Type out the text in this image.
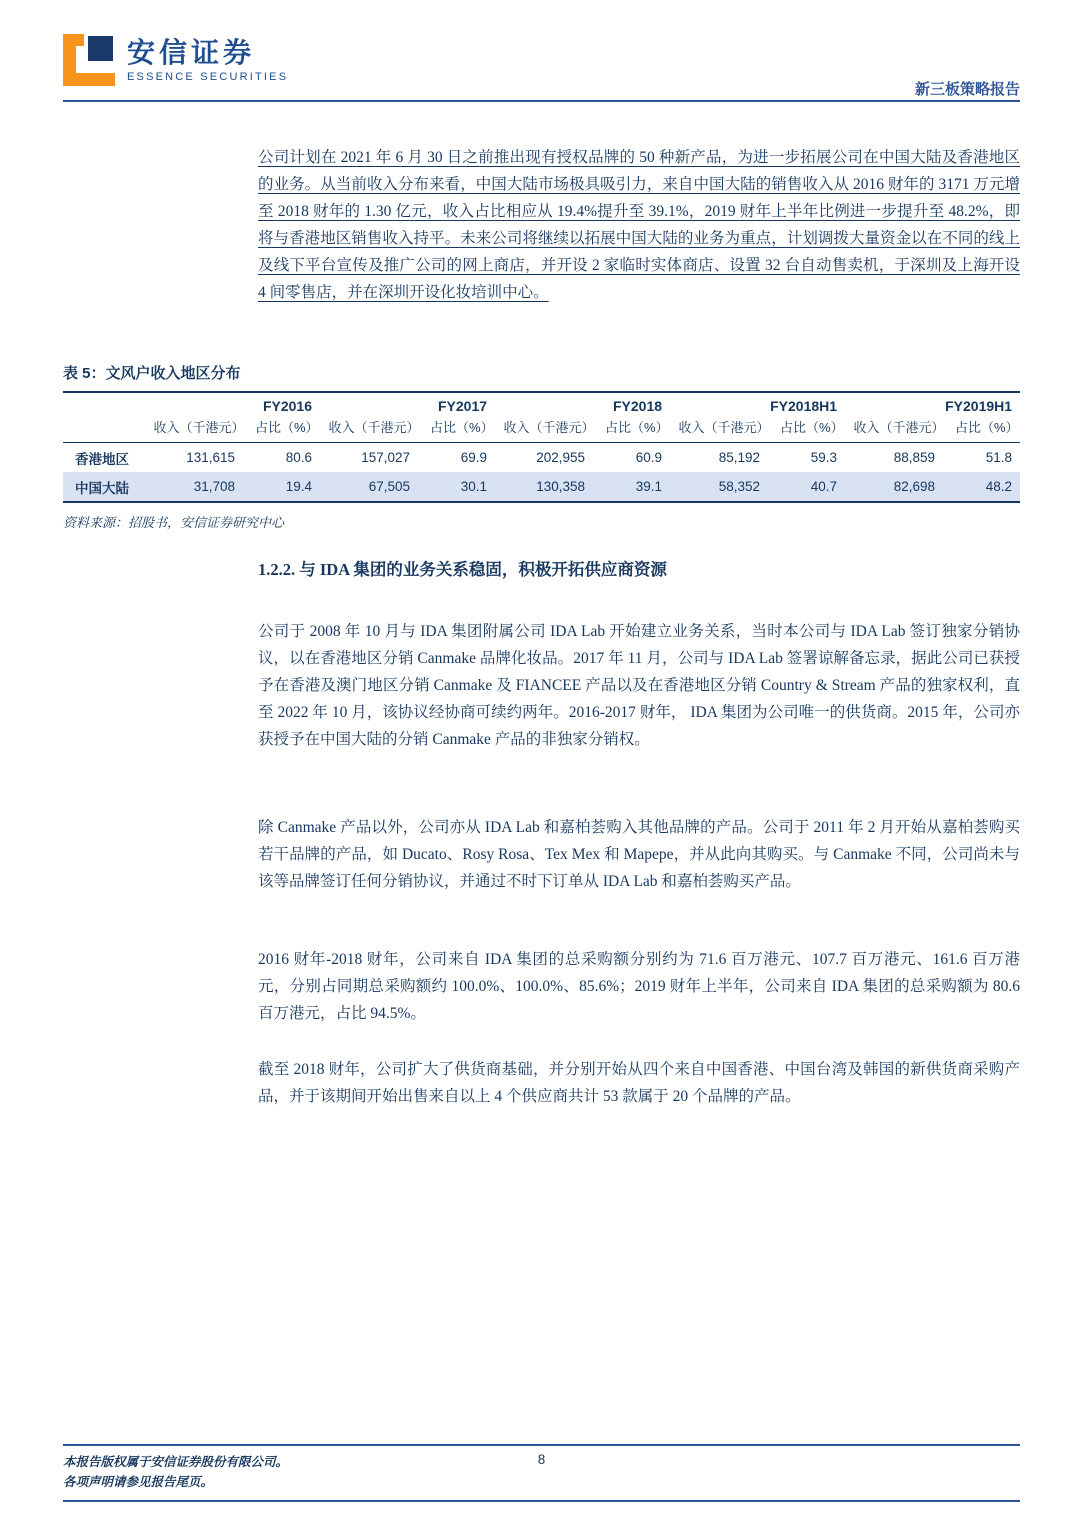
安信证券
ESSENCE SECURITIES
新三板策略报告

公司计划在 2021 年 6 月 30 日之前推出现有授权品牌的 50 种新产品，为进一步拓展公司在中国大陆及香港地区的业务。从当前收入分布来看，中国大陆市场极具吸引力，来自中国大陆的销售收入从 2016 财年的 3171 万元增至 2018 财年的 1.30 亿元，收入占比相应从 19.4%提升至 39.1%，2019 财年上半年比例进一步提升至 48.2%，即将与香港地区销售收入持平。未来公司将继续以拓展中国大陆的业务为重点，计划调拨大量资金以在不同的线上及线下平台宣传及推广公司的网上商店，并开设 2 家临时实体商店、设置 32 台自动售卖机，于深圳及上海开设 4 间零售店，并在深圳开设化妆培训中心。

表 5：文风户收入地区分布
	FY2016		FY2017		FY2018		FY2018H1		FY2019H1	
	收入（千港元）	占比（%）	收入（千港元）	占比（%）	收入（千港元）	占比（%）	收入（千港元）	占比（%）	收入（千港元）	占比（%）
香港地区	131,615	80.6	157,027	69.9	202,955	60.9	85,192	59.3	88,859	51.8
中国大陆	31,708	19.4	67,505	30.1	130,358	39.1	58,352	40.7	82,698	48.2
资料来源：招股书，安信证券研究中心
1.2.2. 与 IDA 集团的业务关系稳固，积极开拓供应商资源

公司于 2008 年 10 月与 IDA 集团附属公司 IDA Lab 开始建立业务关系，当时本公司与 IDA Lab 签订独家分销协议，以在香港地区分销 Canmake 品牌化妆品。2017 年 11 月，公司与 IDA Lab 签署谅解备忘录，据此公司已获授予在香港及澳门地区分销 Canmake 及 FIANCEE 产品以及在香港地区分销 Country & Stream 产品的独家权利，直至 2022 年 10 月，该协议经协商可续约两年。2016-2017 财年， IDA 集团为公司唯一的供货商。2015 年，公司亦获授予在中国大陆的分销 Canmake 产品的非独家分销权。

除 Canmake 产品以外，公司亦从 IDA Lab 和嘉柏荟购入其他品牌的产品。公司于 2011 年 2 月开始从嘉柏荟购买若干品牌的产品，如 Ducato、Rosy Rosa、Tex Mex 和 Mapepe，并从此向其购买。与 Canmake 不同，公司尚未与该等品牌签订任何分销协议，并通过不时下订单从 IDA Lab 和嘉柏荟购买产品。

2016 财年-2018 财年，公司来自 IDA 集团的总采购额分别约为 71.6 百万港元、107.7 百万港元、161.6 百万港元，分别占同期总采购额约 100.0%、100.0%、85.6%；2019 财年上半年，公司来自 IDA 集团的总采购额为 80.6 百万港元，占比 94.5%。

截至 2018 财年，公司扩大了供货商基础，并分别开始从四个来自中国香港、中国台湾及韩国的新供货商采购产品，并于该期间开始出售来自以上 4 个供应商共计 53 款属于 20 个品牌的产品。

本报告版权属于安信证券股份有限公司。
各项声明请参见报告尾页。
8
